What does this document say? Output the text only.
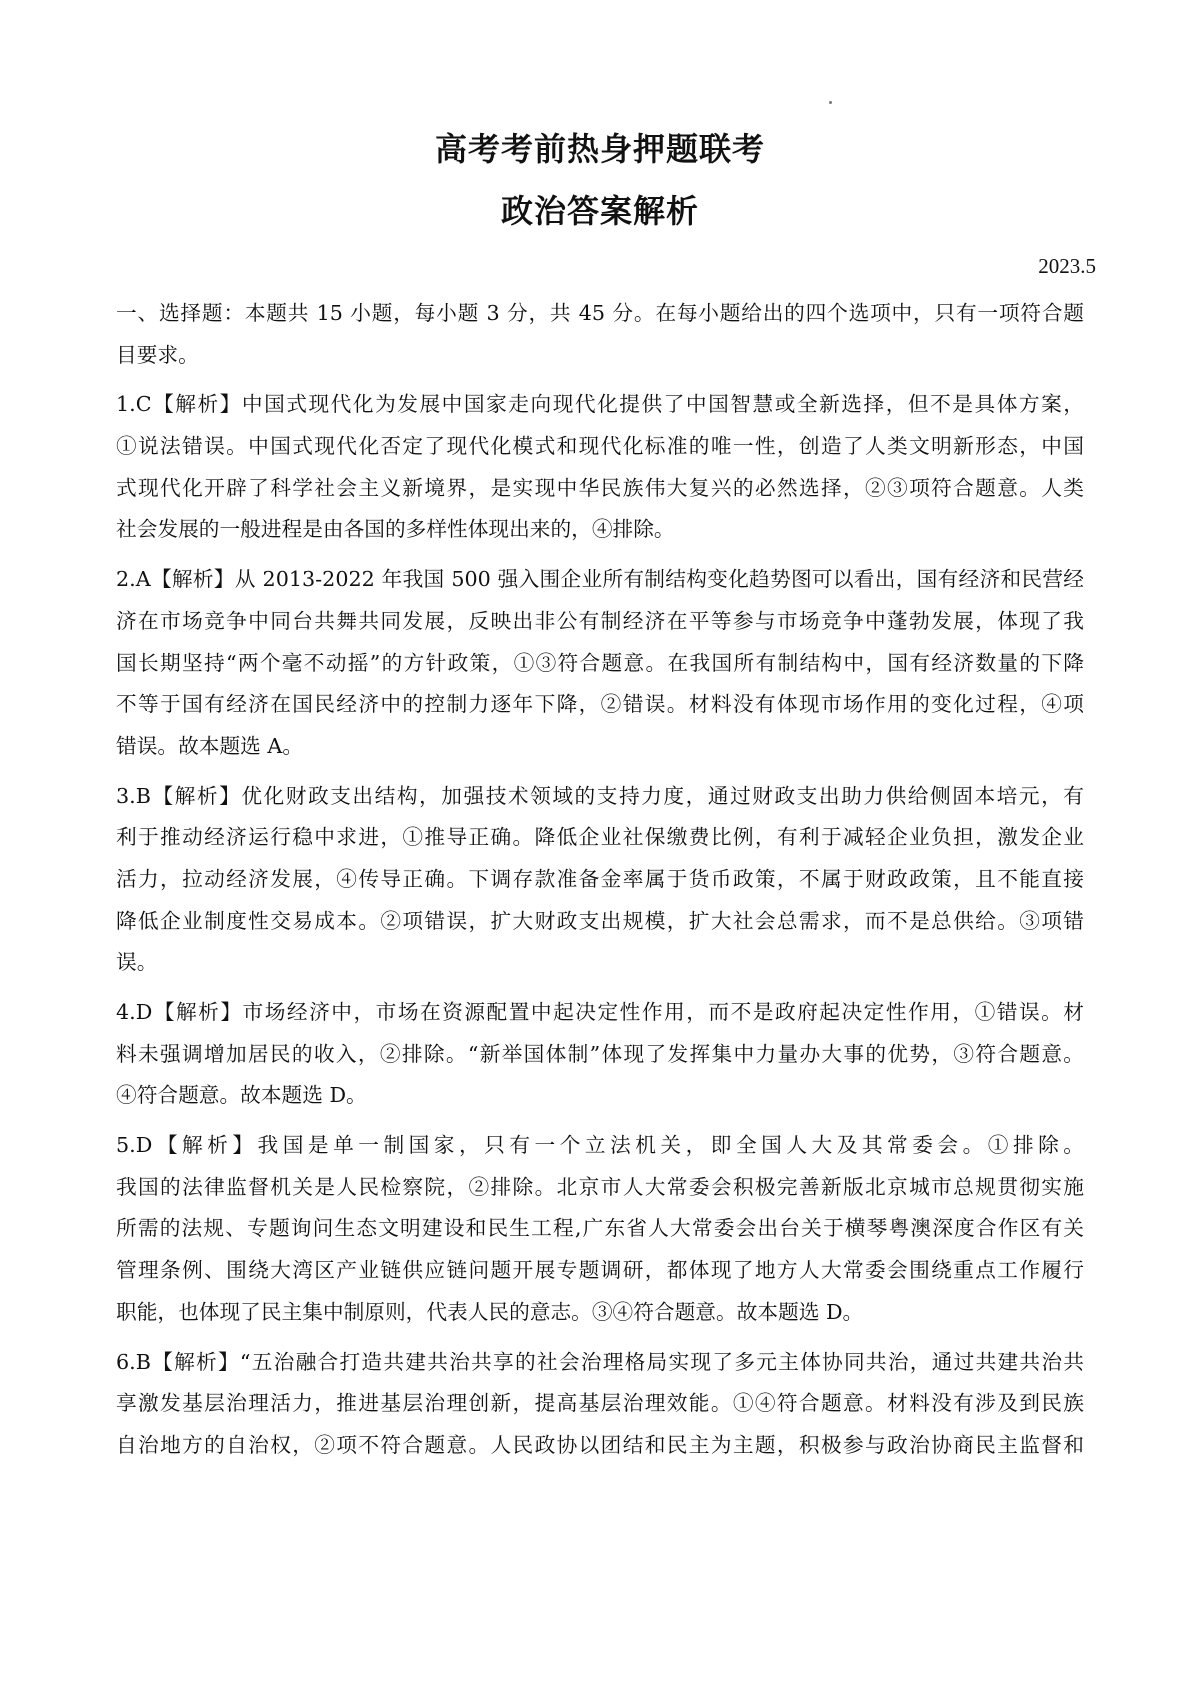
高考考前热身押题联考
政治答案解析
2023.5
一、选择题：本题共 15 小题，每小题 3 分，共 45 分。在每小题给出的四个选项中，只有一项符合题
目要求。
1.C【解析】中国式现代化为发展中国家走向现代化提供了中国智慧或全新选择，但不是具体方案，
①说法错误。中国式现代化否定了现代化模式和现代化标准的唯一性，创造了人类文明新形态，中国
式现代化开辟了科学社会主义新境界，是实现中华民族伟大复兴的必然选择，②③项符合题意。人类
社会发展的一般进程是由各国的多样性体现出来的，④排除。
2.A【解析】从 2013-2022 年我国 500 强入围企业所有制结构变化趋势图可以看出，国有经济和民营经
济在市场竞争中同台共舞共同发展，反映出非公有制经济在平等参与市场竞争中蓬勃发展，体现了我
国长期坚持“两个毫不动摇”的方针政策，①③符合题意。在我国所有制结构中，国有经济数量的下降
不等于国有经济在国民经济中的控制力逐年下降，②错误。材料没有体现市场作用的变化过程，④项
错误。故本题选 A。
3.B【解析】优化财政支出结构，加强技术领域的支持力度，通过财政支出助力供给侧固本培元，有
利于推动经济运行稳中求进，①推导正确。降低企业社保缴费比例，有利于减轻企业负担，激发企业
活力，拉动经济发展，④传导正确。下调存款准备金率属于货币政策，不属于财政政策，且不能直接
降低企业制度性交易成本。②项错误，扩大财政支出规模，扩大社会总需求，而不是总供给。③项错
误。
4.D【解析】市场经济中，市场在资源配置中起决定性作用，而不是政府起决定性作用，①错误。材
料未强调增加居民的收入，②排除。“新举国体制”体现了发挥集中力量办大事的优势，③符合题意。
④符合题意。故本题选 D。
5.D【解析】我国是单一制国家，只有一个立法机关，即全国人大及其常委会。①排除。
我国的法律监督机关是人民检察院，②排除。北京市人大常委会积极完善新版北京城市总规贯彻实施
所需的法规、专题询问生态文明建设和民生工程,广东省人大常委会出台关于横琴粤澳深度合作区有关
管理条例、围绕大湾区产业链供应链问题开展专题调研，都体现了地方人大常委会围绕重点工作履行
职能，也体现了民主集中制原则，代表人民的意志。③④符合题意。故本题选 D。
6.B【解析】“五治融合打造共建共治共享的社会治理格局实现了多元主体协同共治，通过共建共治共
享激发基层治理活力，推进基层治理创新，提高基层治理效能。①④符合题意。材料没有涉及到民族
自治地方的自治权，②项不符合题意。人民政协以团结和民主为主题，积极参与政治协商民主监督和
